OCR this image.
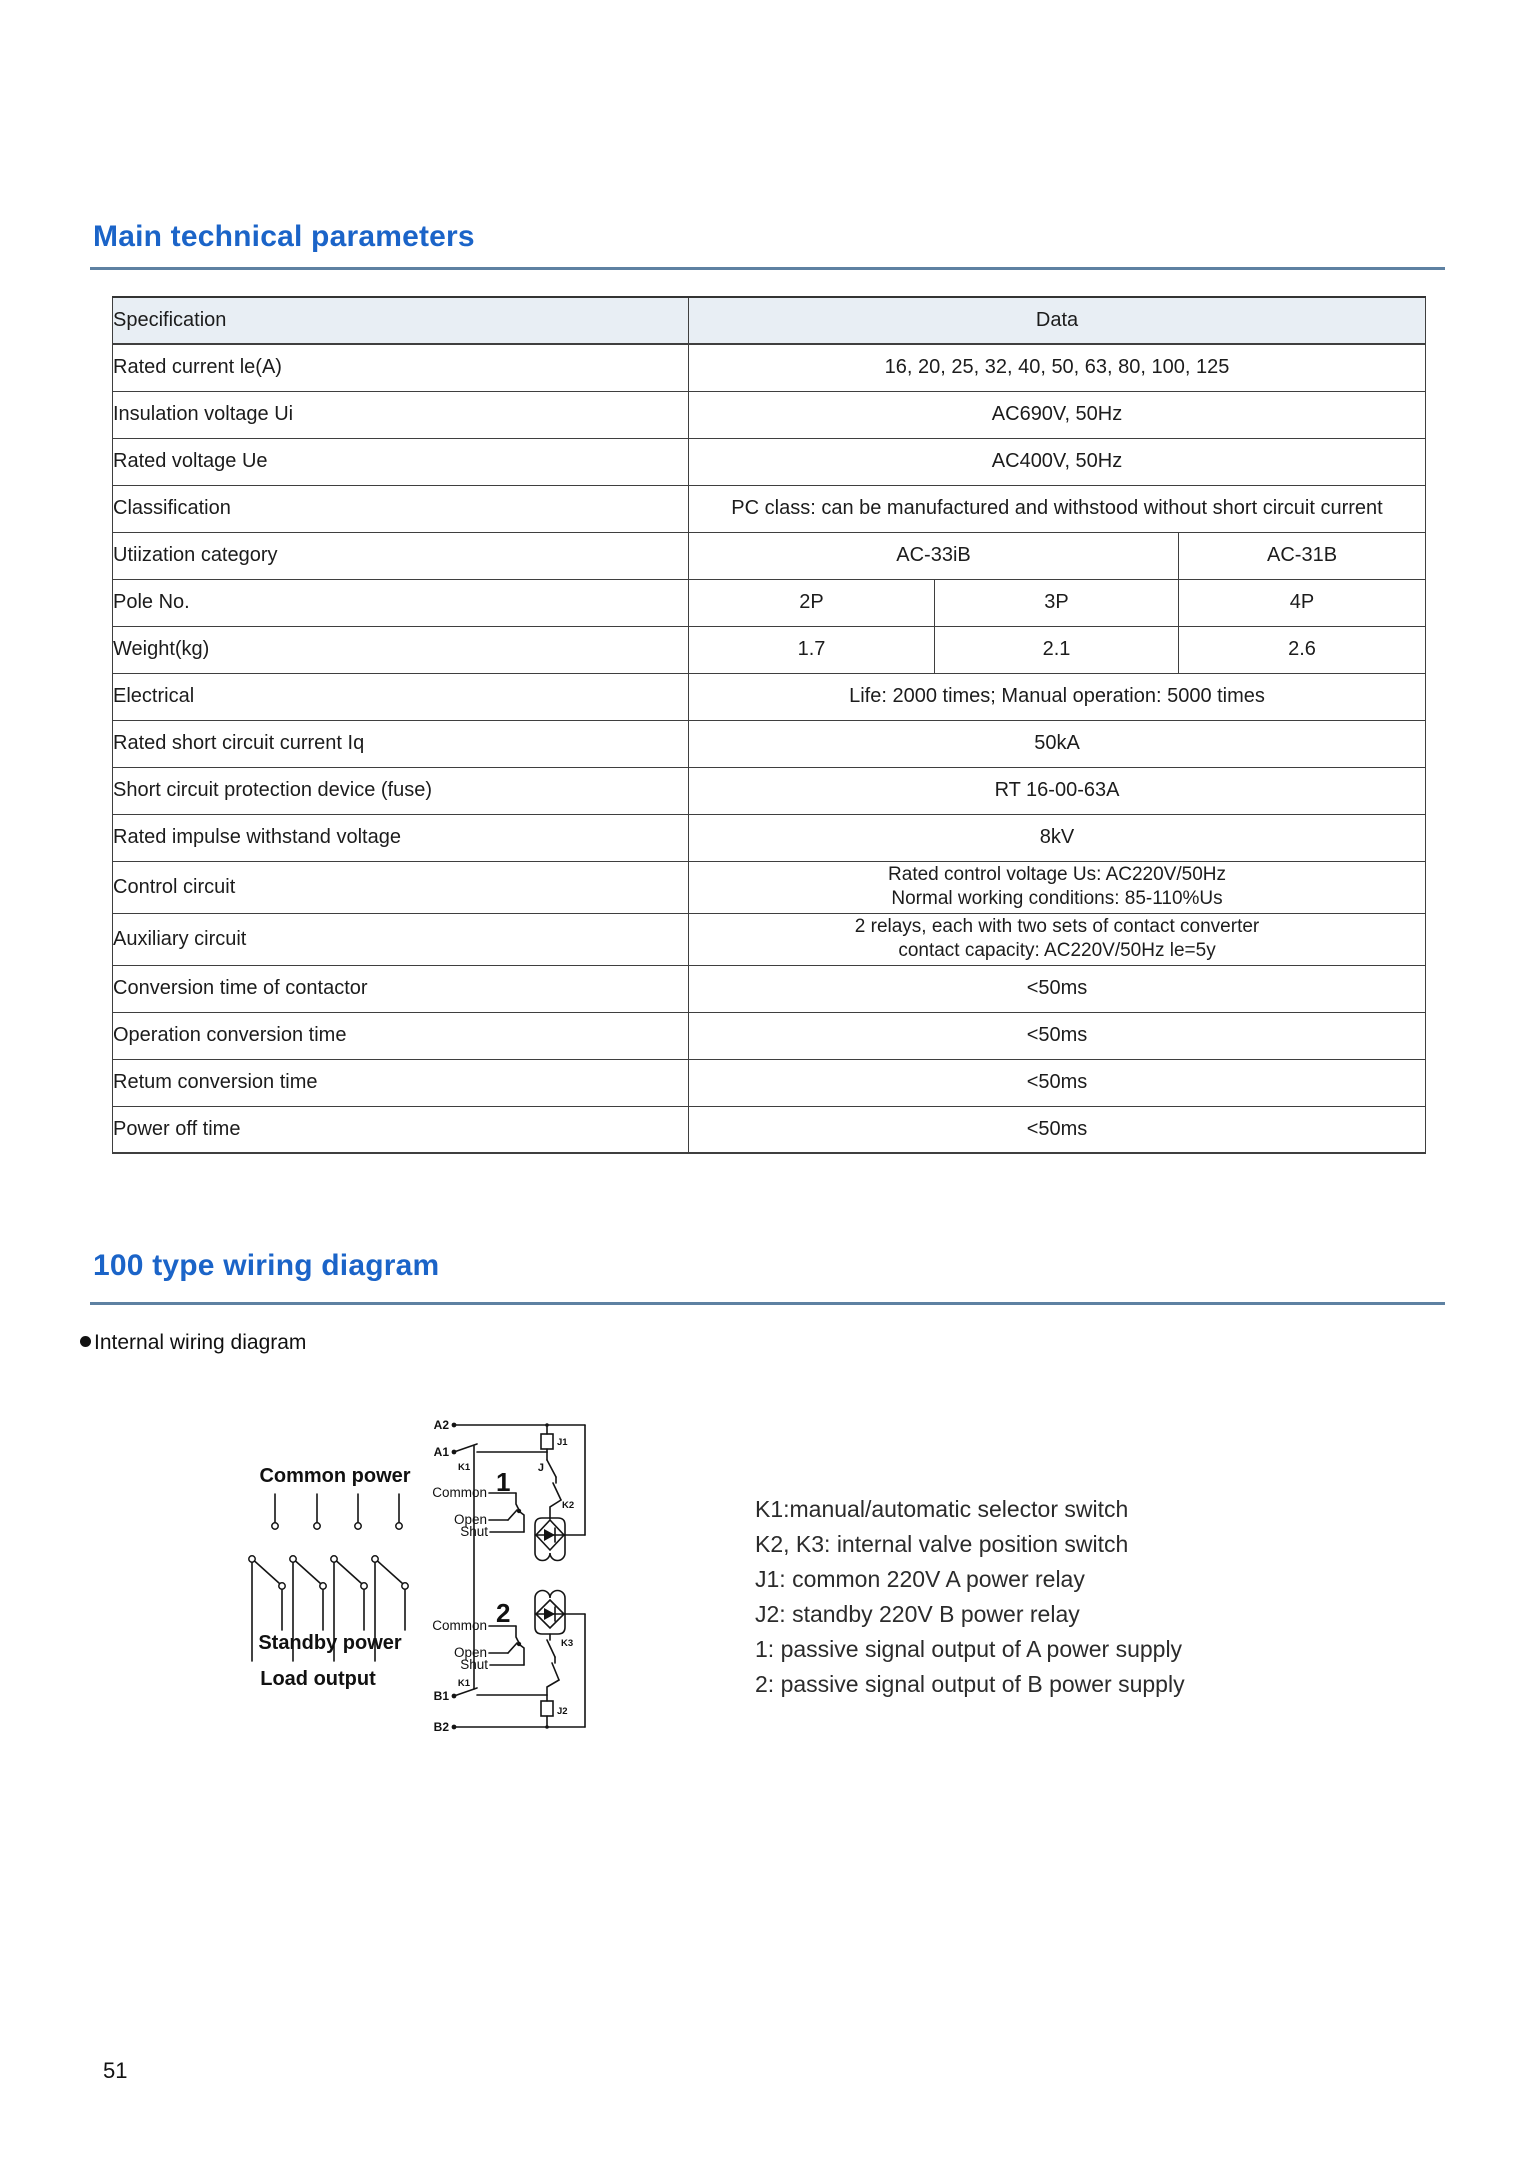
Main technical parameters
Specification	Data		
Rated current le(A)	16, 20, 25, 32, 40, 50, 63, 80, 100, 125		
Insulation voltage Ui	AC690V, 50Hz		
Rated voltage Ue	AC400V, 50Hz		
Classification	PC class: can be manufactured and withstood without short circuit current		
Utiization category	AC-33iB		AC-31B
Pole No.	2P	3P	4P
Weight(kg)	1.7	2.1	2.6
Electrical	Life: 2000 times; Manual operation: 5000 times		
Rated short circuit current Iq	50kA		
Short circuit protection device (fuse)	RT 16-00-63A		
Rated impulse withstand voltage	8kV		
Control circuit	Rated control voltage Us: AC220V/50Hz
Normal working conditions: 85-110%Us		

Auxiliary circuit	2 relays, each with two sets of contact converter
contact capacity: AC220V/50Hz le=5y		

Conversion time of contactor	<50ms		
Operation conversion time	<50ms		
Retum conversion time	<50ms		
Power off time	<50ms		
100 type wiring diagram
Internal wiring diagram
Common power
Standby power
Load output
A2
A1
K1
J1
J
K2
1
Common
Open
Shut
2
Common
Open
Shut
K3
K1
B1
J2
B2

K1:manual/automatic selector switch

K2, K3: internal valve position switch

J1: common 220V A power relay

J2: standby 220V B power relay

1: passive signal output of A power supply

2: passive signal output of B power supply

51
